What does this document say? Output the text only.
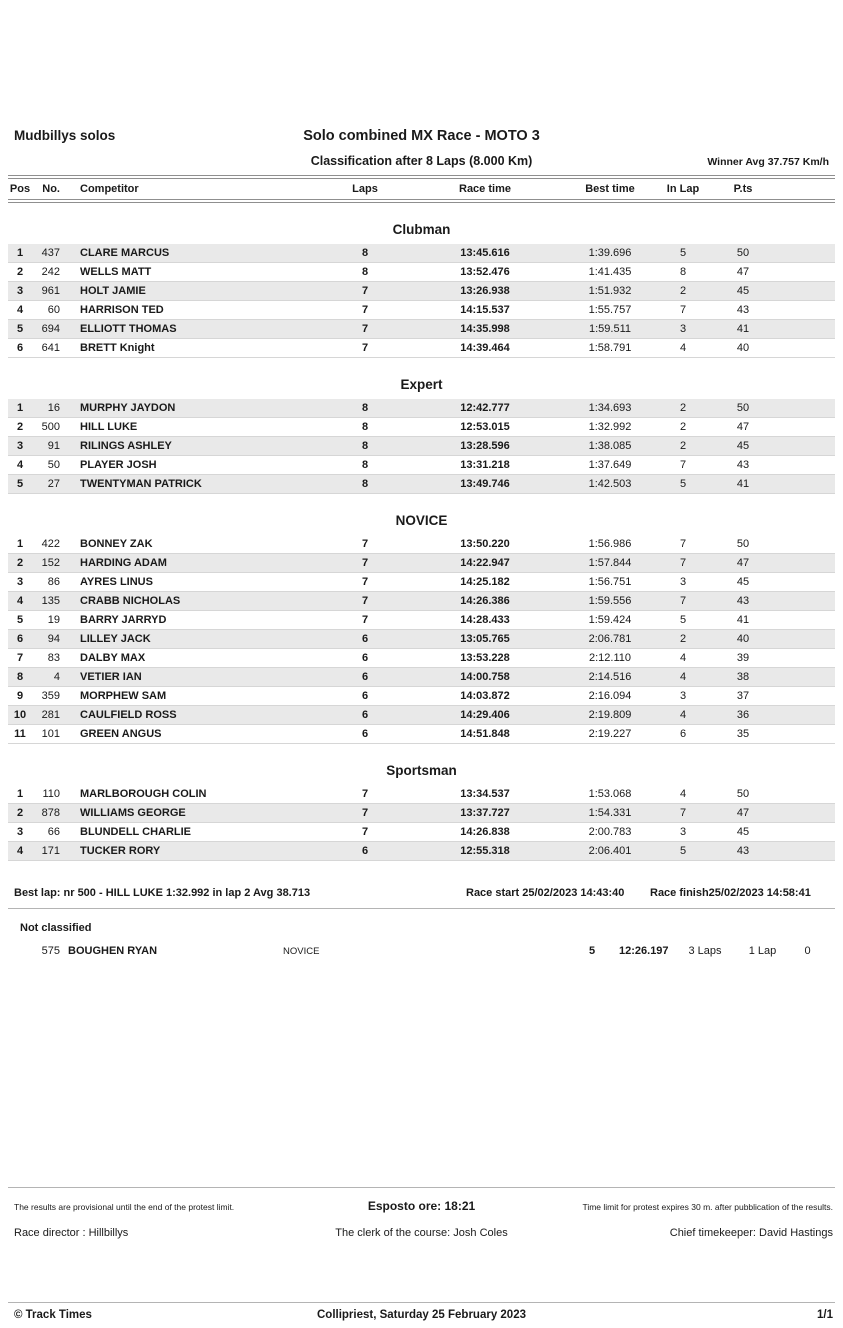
Mudbillys solos	Solo combined MX Race - MOTO 3
Classification after 8 Laps (8.000 Km)	Winner Avg 37.757 Km/h
Pos	No.	Competitor	Laps	Race time	Best time	In Lap	P.ts
Clubman
1	437	CLARE MARCUS	8	13:45.616	1:39.696	5	50
2	242	WELLS MATT	8	13:52.476	1:41.435	8	47
3	961	HOLT JAMIE	7	13:26.938	1:51.932	2	45
4	60	HARRISON TED	7	14:15.537	1:55.757	7	43
5	694	ELLIOTT THOMAS	7	14:35.998	1:59.511	3	41
6	641	BRETT Knight	7	14:39.464	1:58.791	4	40
Expert
1	16	MURPHY JAYDON	8	12:42.777	1:34.693	2	50
2	500	HILL LUKE	8	12:53.015	1:32.992	2	47
3	91	RILINGS ASHLEY	8	13:28.596	1:38.085	2	45
4	50	PLAYER JOSH	8	13:31.218	1:37.649	7	43
5	27	TWENTYMAN PATRICK	8	13:49.746	1:42.503	5	41
NOVICE
1	422	BONNEY ZAK	7	13:50.220	1:56.986	7	50
2	152	HARDING ADAM	7	14:22.947	1:57.844	7	47
3	86	AYRES LINUS	7	14:25.182	1:56.751	3	45
4	135	CRABB NICHOLAS	7	14:26.386	1:59.556	7	43
5	19	BARRY JARRYD	7	14:28.433	1:59.424	5	41
6	94	LILLEY JACK	6	13:05.765	2:06.781	2	40
7	83	DALBY MAX	6	13:53.228	2:12.110	4	39
8	4	VETIER IAN	6	14:00.758	2:14.516	4	38
9	359	MORPHEW SAM	6	14:03.872	2:16.094	3	37
10	281	CAULFIELD ROSS	6	14:29.406	2:19.809	4	36
11	101	GREEN ANGUS	6	14:51.848	2:19.227	6	35
Sportsman
1	110	MARLBOROUGH COLIN	7	13:34.537	1:53.068	4	50
2	878	WILLIAMS GEORGE	7	13:37.727	1:54.331	7	47
3	66	BLUNDELL CHARLIE	7	14:26.838	2:00.783	3	45
4	171	TUCKER RORY	6	12:55.318	2:06.401	5	43
Best lap: nr 500 - HILL LUKE 1:32.992 in lap 2 Avg 38.713	Race start 25/02/2023 14:43:40 Race finish25/02/2023 14:58:41
Not classified
575 BOUGHEN RYAN	NOVICE	5	12:26.197	3 Laps	1 Lap	0
The results are provisional until the end of the protest limit.	Esposto ore: 18:21	Time limit for protest expires 30 m. after pubblication of the results.
Race director : Hillbillys	The clerk of the course: Josh Coles	Chief timekeeper: David Hastings
© Track Times	Collipriest, Saturday 25 February 2023	1/1
